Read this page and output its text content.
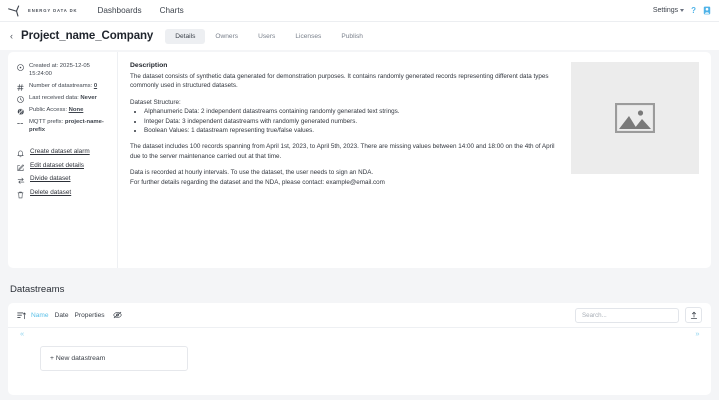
ENERGY DATA DK Dashboards Charts	Settings ?
‹ Project_name_Company	Details	Owners	Users	Licenses	Publish
Created at: 2025-12-05 15:24:00
Number of datastreams: 0
Last received data: Never
Public Access: None
MQTT prefix: project-name-prefix
Create dataset alarm
Edit dataset details
Divide dataset
Delete dataset
Description

The dataset consists of synthetic data generated for demonstration purposes. It contains randomly generated records representing different data types commonly used in structured datasets.

Dataset Structure:

• Alphanumeric Data: 2 independent datastreams containing randomly generated text strings.
• Integer Data: 3 independent datastreams with randomly generated numbers.
• Boolean Values: 1 datastream representing true/false values.

The dataset includes 100 records spanning from April 1st, 2023, to April 5th, 2023. There are missing values between 14:00 and 18:00 on the 4th of April due to the server maintenance carried out at that time.

Data is recorded at hourly intervals. To use the dataset, the user needs to sign an NDA.

For further details regarding the dataset and the NDA, please contact: example@email.com

Datastreams
Name Date Properties
Search...
«	»
+ New datastream
